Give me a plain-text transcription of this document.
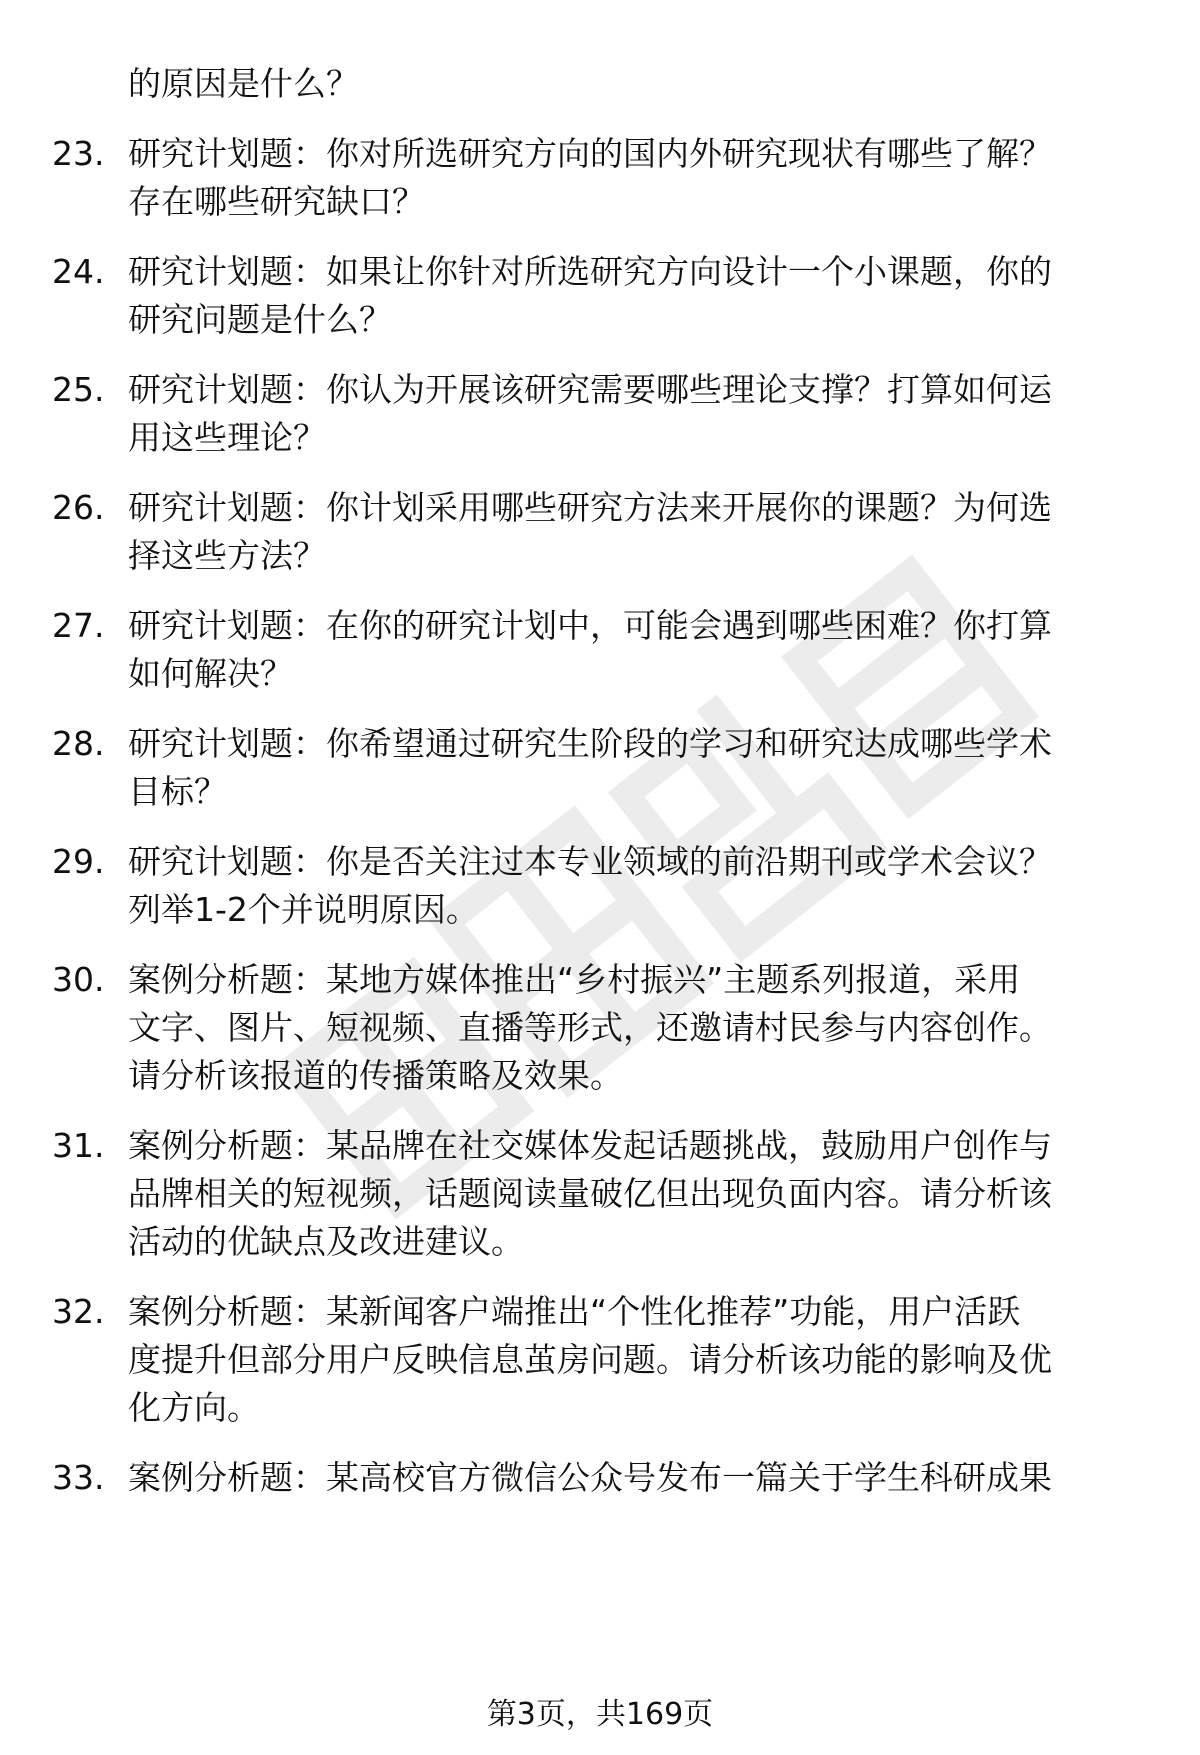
的原因是什么？
23. 研究计划题：你对所选研究方向的国内外研究现状有哪些了解？
存在哪些研究缺口？
24. 研究计划题：如果让你针对所选研究方向设计一个小课题，你的
研究问题是什么？
25. 研究计划题：你认为开展该研究需要哪些理论支撑？打算如何运
用这些理论？
26. 研究计划题：你计划采用哪些研究方法来开展你的课题？为何选
择这些方法？
27. 研究计划题：在你的研究计划中，可能会遇到哪些困难？你打算
如何解决？
28. 研究计划题：你希望通过研究生阶段的学习和研究达成哪些学术
目标？
29. 研究计划题：你是否关注过本专业领域的前沿期刊或学术会议？
列举1-2个并说明原因。
30. 案例分析题：某地方媒体推出“乡村振兴”主题系列报道，采用
文字、图片、短视频、直播等形式，还邀请村民参与内容创作。
请分析该报道的传播策略及效果。
31. 案例分析题：某品牌在社交媒体发起话题挑战，鼓励用户创作与
品牌相关的短视频，话题阅读量破亿但出现负面内容。请分析该
活动的优缺点及改进建议。
32. 案例分析题：某新闻客户端推出“个性化推荐”功能，用户活跃
度提升但部分用户反映信息茧房问题。请分析该功能的影响及优
化方向。
33. 案例分析题：某高校官方微信公众号发布一篇关于学生科研成果
第3页，共169页
